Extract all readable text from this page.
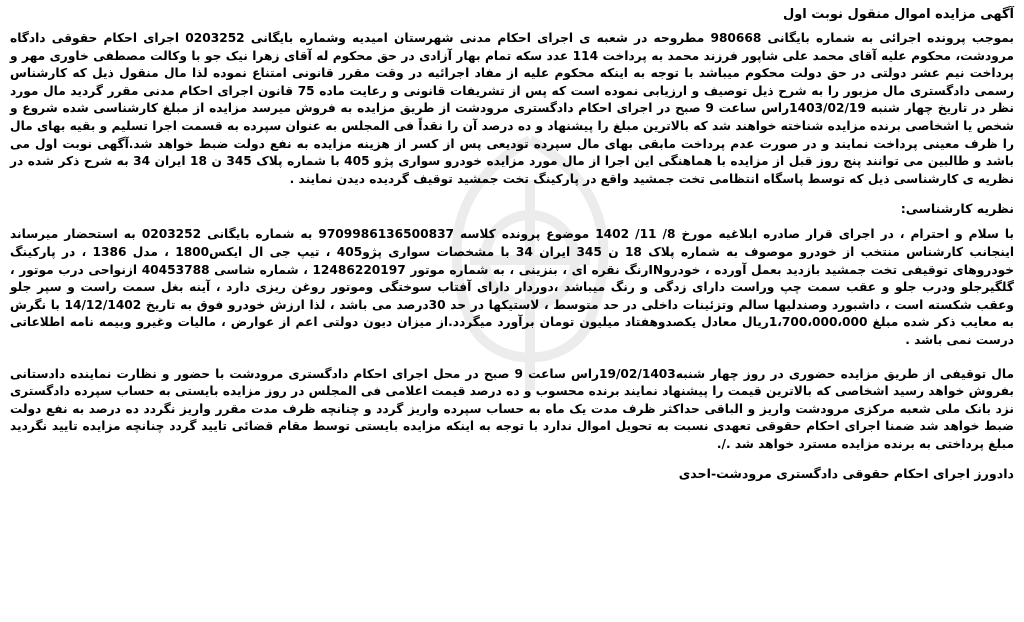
آگهی مزایده اموال منقول نوبت اول

بموجب پرونده اجرائی به شماره بایگانی 980668 مطروحه در شعبه ی اجرای احکام مدنی شهرستان امیدیه وشماره بایگانی 0203252 اجرای احکام حقوقی دادگاه مرودشت، محکوم علیه آقای محمد علی شاپور فرزند محمد به پرداخت 114 عدد سکه تمام بهار آزادی در حق محکوم له آقای زهرا نیک جو با وکالت مصطفی خاوری مهر و پرداخت نیم عشر دولتی در حق دولت محکوم میباشد با توجه به اینکه محکوم علیه از مفاد اجرائیه در وقت مقرر قانونی امتناع نموده لذا مال منقول ذیل که کارشناس رسمی دادگستری مال مزبور را به شرح ذیل توصیف و ارزیابی نموده است که پس از تشریفات قانونی و رعایت ماده 75 قانون اجرای احکام مدنی مقرر گردید مال مورد نظر در تاریخ چهار شنبه 1403/02/19راس ساعت 9 صبح در اجرای احکام دادگستری مرودشت از طریق مزایده به فروش میرسد مزایده از مبلغ کارشناسی شده شروع و شخص یا اشخاصی برنده مزایده شناخته خواهند شد که بالاترین مبلغ را پیشنهاد و ده درصد آن را نقداً فی المجلس به عنوان سپرده به قسمت اجرا تسلیم و بقیه بهای مال را ظرف معینی پرداخت نمایند و در صورت عدم پرداخت مابقی بهای مال سپرده تودیعی پس از کسر از هزینه مزایده به نفع دولت ضبط خواهد شد.آگهی نوبت اول می باشد و طالبین می توانند پنج روز قبل از مزایده با هماهنگی این اجرا از مال مورد مزایده خودرو سواری پژو 405 با شماره پلاک 345 ن 18 ایران 34 به شرح ذکر شده در نظریه ی کارشناسی ذیل که توسط پاسگاه انتظامی تخت جمشید واقع در پارکینگ تخت جمشید توقیف گردیده دیدن نمایند .

نظریه کارشناسی:

با سلام و احترام ، در اجرای قرار صادره ابلاغیه مورخ 8/ 11/ 1402 موضوع پرونده کلاسه 9709986136500837 به شماره بایگانی 0203252 به استحضار میرساند اینجانب کارشناس منتخب از خودرو موصوف به شماره پلاک 18 ن 345 ایران 34 با مشخصات سواری پژو405 ، تیپ جی ال ایکس1800 ، مدل 1386 ، در پارکینگ خودروهای توقیفی تخت جمشید بازدید بعمل آورده ، خودروINرنگ نقره ای ، بنزینی ، به شماره موتور 12486220197 ، شماره شاسی 40453788 ازنواحی درب موتور ، گلگیرجلو ودرب جلو و عقب سمت چپ وراست دارای زدگی و رنگ میباشد ،دوردار دارای آفتاب سوختگی وموتور روغن ریزی دارد ، آینه بغل سمت راست و سپر جلو وعقب شکسته است ، داشبورد وصندلیها سالم وتزئینات داخلی در حد متوسط ، لاستیکها در حد 30درصد می باشد ، لذا ارزش خودرو فوق به تاریخ 14/12/1402 با نگرش به معایب ذکر شده مبلغ 1،700،000،000ریال معادل یکصدوهفتاد میلیون تومان برآورد میگردد.از میزان دیون دولتی اعم از عوارض ، مالیات وغیرو وبیمه نامه اطلاعاتی درست نمی باشد .

مال توقیفی از طریق مزایده حضوری در روز چهار شنبه19/02/1403راس ساعت 9 صبح در محل اجرای احکام دادگستری مرودشت با حضور و نظارت نماینده دادستانی بفروش خواهد رسید اشخاصی که بالاترین قیمت را پیشنهاد نمایند برنده محسوب و ده درصد قیمت اعلامی فی المجلس در روز مزایده بایستی به حساب سپرده دادگستری نزد بانک ملی شعبه مرکزی مرودشت واریز و الباقی حداکثر ظرف مدت یک ماه به حساب سپرده واریز گردد و چنانچه ظرف مدت مقرر واریز نگردد ده درصد به نفع دولت ضبط خواهد شد ضمنا اجرای احکام حقوقی تعهدی نسبت به تحویل اموال ندارد با توجه به اینکه مزایده بایستی توسط مقام قضائی تایید گردد چنانچه مزایده تایید نگردید مبلغ پرداختی به برنده مزایده مسترد خواهد شد ./.

دادورز اجرای احکام حقوقی دادگستری مرودشت-احدی
